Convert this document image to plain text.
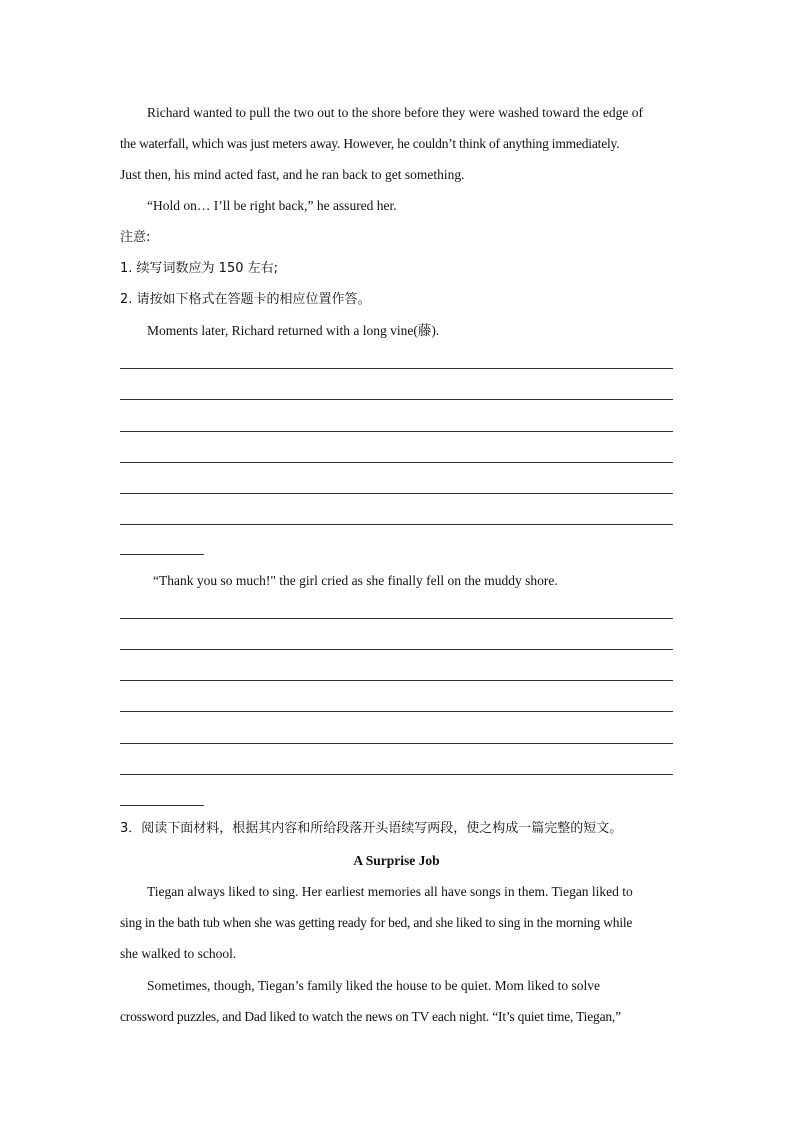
Richard wanted to pull the two out to the shore before they were washed toward the edge of
the waterfall, which was just meters away. However, he couldn’t think of anything immediately.
Just then, his mind acted fast, and he ran back to get something.
“Hold on… I’ll be right back,” he assured her.
注意:
1. 续写词数应为 150 左右;
2. 请按如下格式在答题卡的相应位置作答。
Moments later, Richard returned with a long vine(藤).
“Thank you so much!" the girl cried as she finally fell on the muddy shore.
3．阅读下面材料，根据其内容和所给段落开头语续写两段，使之构成一篇完整的短文。
A Surprise Job
Tiegan always liked to sing. Her earliest memories all have songs in them. Tiegan liked to
sing in the bath tub when she was getting ready for bed, and she liked to sing in the morning while
she walked to school.
Sometimes, though, Tiegan’s family liked the house to be quiet. Mom liked to solve
crossword puzzles, and Dad liked to watch the news on TV each night. “It’s quiet time, Tiegan,”
